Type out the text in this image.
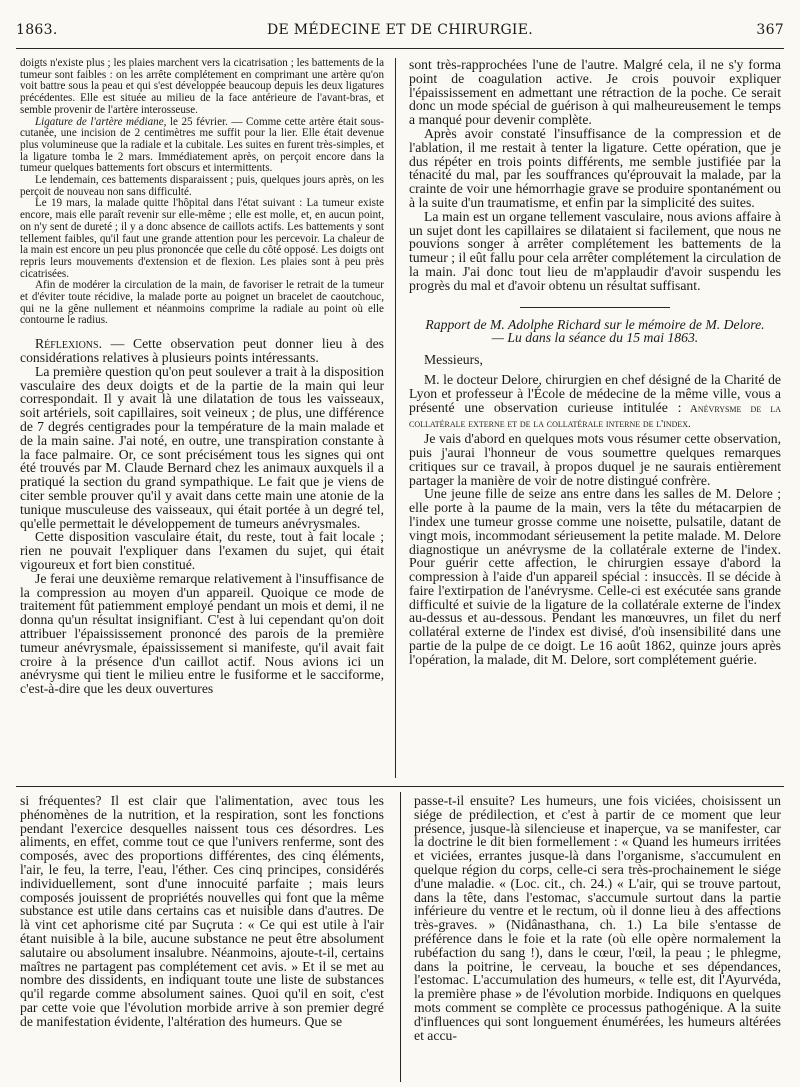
1863.	DE MÉDECINE ET DE CHIRURGIE.	367

doigts n'existe plus ; les plaies marchent vers la cicatrisation ; les battements de la tumeur sont faibles : on les arrête complétement en comprimant une artère qu'on voit battre sous la peau et qui s'est développée beaucoup depuis les deux ligatures précédentes. Elle est située au milieu de la face antérieure de l'avant-bras, et semble provenir de l'artère interosseuse.

Ligature de l'artère médiane, le 25 février. — Comme cette artère était sous-cutanée, une incision de 2 centimètres me suffit pour la lier. Elle était devenue plus volumineuse que la radiale et la cubitale. Les suites en furent très-simples, et la ligature tomba le 2 mars. Immédiatement après, on perçoit encore dans la tumeur quelques battements fort obscurs et intermittents.

Le lendemain, ces battements disparaissent ; puis, quelques jours après, on les perçoit de nouveau non sans difficulté.

Le 19 mars, la malade quitte l'hôpital dans l'état suivant : La tumeur existe encore, mais elle paraît revenir sur elle-même ; elle est molle, et, en aucun point, on n'y sent de dureté ; il y a donc absence de caillots actifs. Les battements y sont tellement faibles, qu'il faut une grande attention pour les percevoir. La chaleur de la main est encore un peu plus prononcée que celle du côté opposé. Les doigts ont repris leurs mouvements d'extension et de flexion. Les plaies sont à peu près cicatrisées.

Afin de modérer la circulation de la main, de favoriser le retrait de la tumeur et d'éviter toute récidive, la malade porte au poignet un bracelet de caoutchouc, qui ne la gêne nullement et néanmoins comprime la radiale au point où elle contourne le radius.

Réflexions. — Cette observation peut donner lieu à des considérations relatives à plusieurs points intéressants.

La première question qu'on peut soulever a trait à la disposition vasculaire des deux doigts et de la partie de la main qui leur correspondait. Il y avait là une dilatation de tous les vaisseaux, soit artériels, soit capillaires, soit veineux ; de plus, une différence de 7 degrés centigrades pour la température de la main malade et de la main saine. J'ai noté, en outre, une transpiration constante à la face palmaire. Or, ce sont précisément tous les signes qui ont été trouvés par M. Claude Bernard chez les animaux auxquels il a pratiqué la section du grand sympathique. Le fait que je viens de citer semble prouver qu'il y avait dans cette main une atonie de la tunique musculeuse des vaisseaux, qui était portée à un degré tel, qu'elle permettait le développement de tumeurs anévrysmales.

Cette disposition vasculaire était, du reste, tout à fait locale ; rien ne pouvait l'expliquer dans l'examen du sujet, qui était vigoureux et fort bien constitué.

Je ferai une deuxième remarque relativement à l'insuffisance de la compression au moyen d'un appareil. Quoique ce mode de traitement fût patiemment employé pendant un mois et demi, il ne donna qu'un résultat insignifiant. C'est à lui cependant qu'on doit attribuer l'épaississement prononcé des parois de la première tumeur anévrysmale, épaississement si manifeste, qu'il avait fait croire à la présence d'un caillot actif. Nous avions ici un anévrysme qui tient le milieu entre le fusiforme et le sacciforme, c'est-à-dire que les deux ouvertures

sont très-rapprochées l'une de l'autre. Malgré cela, il ne s'y forma point de coagulation active. Je crois pouvoir expliquer l'épaississement en admettant une rétraction de la poche. Ce serait donc un mode spécial de guérison à qui malheureusement le temps a manqué pour devenir complète.

Après avoir constaté l'insuffisance de la compression et de l'ablation, il me restait à tenter la ligature. Cette opération, que je dus répéter en trois points différents, me semble justifiée par la ténacité du mal, par les souffrances qu'éprouvait la malade, par la crainte de voir une hémorrhagie grave se produire spontanément ou à la suite d'un traumatisme, et enfin par la simplicité des suites.

La main est un organe tellement vasculaire, nous avions affaire à un sujet dont les capillaires se dilataient si facilement, que nous ne pouvions songer à arrêter complétement les battements de la tumeur ; il eût fallu pour cela arrêter complétement la circulation de la main. J'ai donc tout lieu de m'applaudir d'avoir suspendu les progrès du mal et d'avoir obtenu un résultat suffisant.

Rapport de M. Adolphe Richard sur le mémoire de M. Delore.

— Lu dans la séance du 15 mai 1863.

Messieurs,

M. le docteur Delore, chirurgien en chef désigné de la Charité de Lyon et professeur à l'École de médecine de la même ville, vous a présenté une observation curieuse intitulée : Anévrysme de la collatérale externe et de la collatérale interne de l'index.

Je vais d'abord en quelques mots vous résumer cette observation, puis j'aurai l'honneur de vous soumettre quelques remarques critiques sur ce travail, à propos duquel je ne saurais entièrement partager la manière de voir de notre distingué confrère.

Une jeune fille de seize ans entre dans les salles de M. Delore ; elle porte à la paume de la main, vers la tête du métacarpien de l'index une tumeur grosse comme une noisette, pulsatile, datant de vingt mois, incommodant sérieusement la petite malade. M. Delore diagnostique un anévrysme de la collatérale externe de l'index. Pour guérir cette affection, le chirurgien essaye d'abord la compression à l'aide d'un appareil spécial : insuccès. Il se décide à faire l'extirpation de l'anévrysme. Celle-ci est exécutée sans grande difficulté et suivie de la ligature de la collatérale externe de l'index au-dessus et au-dessous. Pendant les manœuvres, un filet du nerf collatéral externe de l'index est divisé, d'où insensibilité dans une partie de la pulpe de ce doigt. Le 16 août 1862, quinze jours après l'opération, la malade, dit M. Delore, sort complétement guérie.

si fréquentes? Il est clair que l'alimentation, avec tous les phénomènes de la nutrition, et la respiration, sont les fonctions pendant l'exercice desquelles naissent tous ces désordres. Les aliments, en effet, comme tout ce que l'univers renferme, sont des composés, avec des proportions différentes, des cinq éléments, l'air, le feu, la terre, l'eau, l'éther. Ces cinq principes, considérés individuellement, sont d'une innocuité parfaite ; mais leurs composés jouissent de propriétés nouvelles qui font que la même substance est utile dans certains cas et nuisible dans d'autres. De là vint cet aphorisme cité par Suçruta : « Ce qui est utile à l'air étant nuisible à la bile, aucune substance ne peut être absolument salutaire ou absolument insalubre. Néanmoins, ajoute-t-il, certains maîtres ne partagent pas complétement cet avis. » Et il se met au nombre des dissidents, en indiquant toute une liste de substances qu'il regarde comme absolument saines. Quoi qu'il en soit, c'est par cette voie que l'évolution morbide arrive à son premier degré de manifestation évidente, l'altération des humeurs. Que se

passe-t-il ensuite? Les humeurs, une fois viciées, choisissent un siége de prédilection, et c'est à partir de ce moment que leur présence, jusque-là silencieuse et inaperçue, va se manifester, car la doctrine le dit bien formellement : « Quand les humeurs irritées et viciées, errantes jusque-là dans l'organisme, s'accumulent en quelque région du corps, celle-ci sera très-prochainement le siége d'une maladie. « (Loc. cit., ch. 24.) « L'air, qui se trouve partout, dans la tête, dans l'estomac, s'accumule surtout dans la partie inférieure du ventre et le rectum, où il donne lieu à des affections très-graves. » (Nidânasthana, ch. 1.) La bile s'entasse de préférence dans le foie et la rate (où elle opère normalement la rubéfaction du sang !), dans le cœur, l'œil, la peau ; le phlegme, dans la poitrine, le cerveau, la bouche et ses dépendances, l'estomac. L'accumulation des humeurs, « telle est, dit l'Ayurvéda, la première phase » de l'évolution morbide. Indiquons en quelques mots comment se complète ce processus pathogénique. A la suite d'influences qui sont longuement énumérées, les humeurs altérées et accu-
